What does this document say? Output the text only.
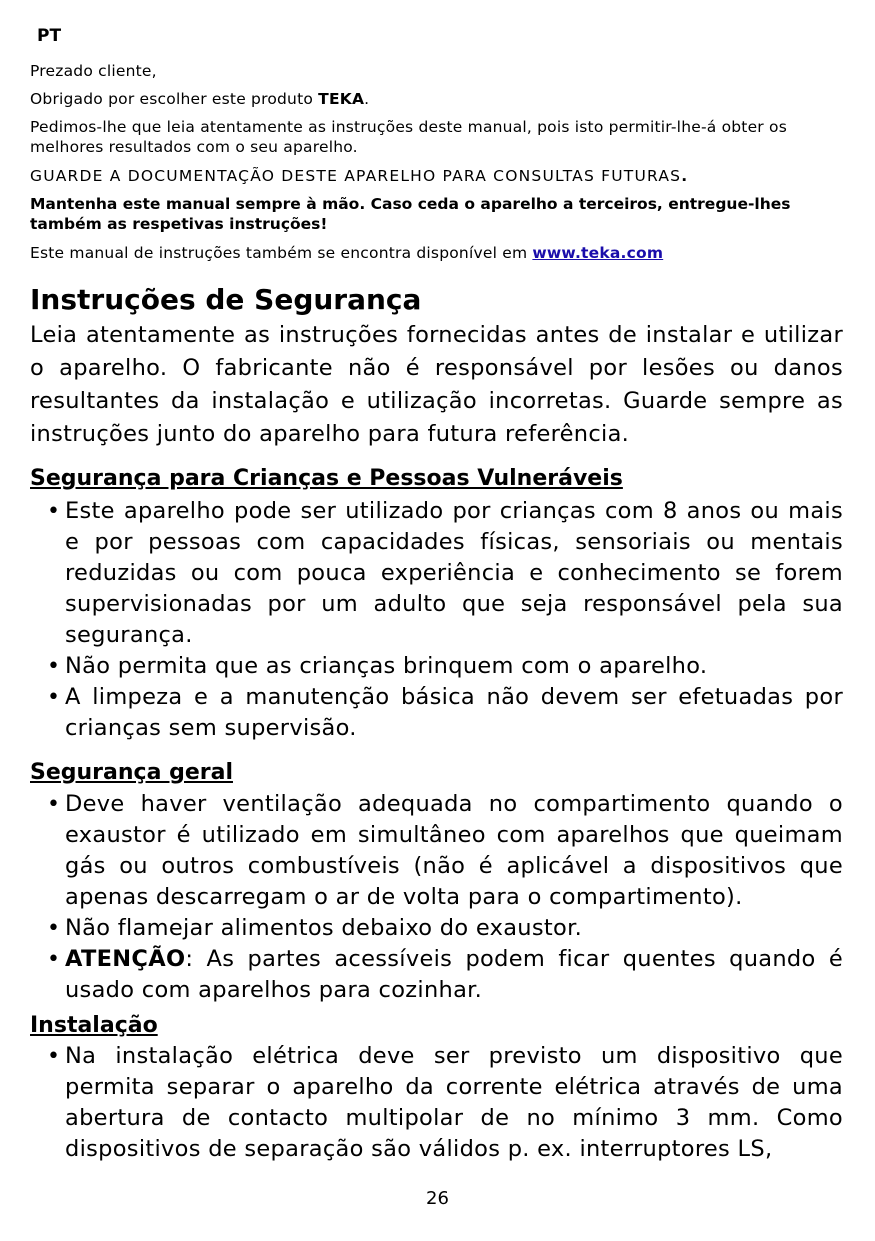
PT
Prezado cliente,
Obrigado por escolher este produto TEKA.
Pedimos-lhe que leia atentamente as instruções deste manual, pois isto permitir-lhe-á obter os melhores resultados com o seu aparelho.
GUARDE A DOCUMENTAÇÃO DESTE APARELHO PARA CONSULTAS FUTURAS.
Mantenha este manual sempre à mão. Caso ceda o aparelho a terceiros, entregue-lhes também as respetivas instruções!
Este manual de instruções também se encontra disponível em www.teka.com
Instruções de Segurança
Leia atentamente as instruções fornecidas antes de instalar e utilizar o aparelho. O fabricante não é responsável por lesões ou danos resultantes da instalação e utilização incorretas. Guarde sempre as instruções junto do aparelho para futura referência.
Segurança para Crianças e Pessoas Vulneráveis
• Este aparelho pode ser utilizado por crianças com 8 anos ou mais e por pessoas com capacidades físicas, sensoriais ou mentais reduzidas ou com pouca experiência e conhecimento se forem supervisionadas por um adulto que seja responsável pela sua segurança.
• Não permita que as crianças brinquem com o aparelho.
• A limpeza e a manutenção básica não devem ser efetuadas por crianças sem supervisão.
Segurança geral
• Deve haver ventilação adequada no compartimento quando o exaustor é utilizado em simultâneo com aparelhos que queimam gás ou outros combustíveis (não é aplicável a dispositivos que apenas descarregam o ar de volta para o compartimento).
• Não flamejar alimentos debaixo do exaustor.
• ATENÇÃO: As partes acessíveis podem ficar quentes quando é usado com aparelhos para cozinhar.
Instalação
• Na instalação elétrica deve ser previsto um dispositivo que permita separar o aparelho da corrente elétrica através de uma abertura de contacto multipolar de no mínimo 3 mm. Como dispositivos de separação são válidos p. ex. interruptores LS,
26
